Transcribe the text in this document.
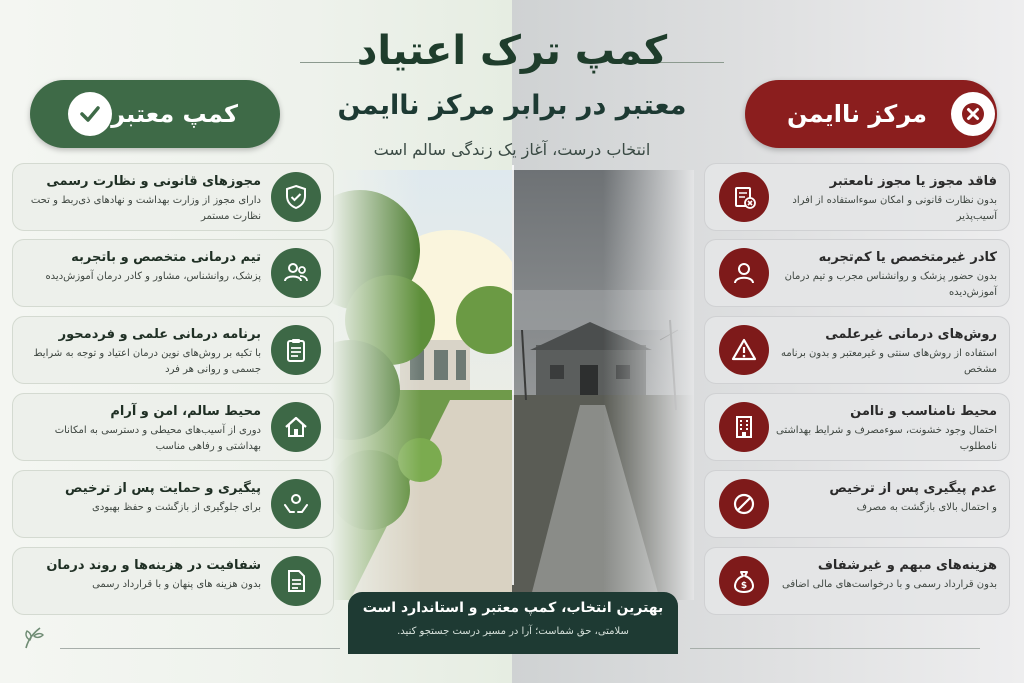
کمپ ترک اعتیاد
معتبر در برابر مرکز ناایمن
انتخاب درست، آغاز یک زندگی سالم است
کمپ معتبر	مرکز ناایمن
مجوزهای قانونی و نظارت رسمی
دارای مجوز از وزارت بهداشت و نهادهای ذی‌ربط و تحت نظارت مستمر
تیم درمانی متخصص و باتجربه
پزشک، روانشناس، مشاور و کادر درمان آموزش‌دیده
برنامه درمانی علمی و فردمحور
با تکیه بر روش‌های نوین درمان اعتیاد و توجه به شرایط جسمی و روانی هر فرد
محیط سالم، امن و آرام
دوری از آسیب‌های محیطی و دسترسی به امکانات بهداشتی و رفاهی مناسب
پیگیری و حمایت پس از ترخیص
برای جلوگیری از بازگشت و حفظ بهبودی
شفافیت در هزینه‌ها و روند درمان
بدون هزینه های پنهان و با قرارداد رسمی
فاقد مجوز یا مجوز نامعتبر
بدون نظارت قانونی و امکان سوءاستفاده از افراد آسیب‌پذیر
کادر غیرمتخصص یا کم‌تجربه
بدون حضور پزشک و روانشناس مجرب و تیم درمان آموزش‌دیده
روش‌های درمانی غیرعلمی
استفاده از روش‌های سنتی و غیرمعتبر و بدون برنامه مشخص
محیط نامناسب و ناامن
احتمال وجود خشونت، سوءمصرف و شرایط بهداشتی نامطلوب
عدم پیگیری پس از ترخیص
و احتمال بالای بازگشت به مصرف
$
هزینه‌های مبهم و غیرشفاف
بدون قرارداد رسمی و با درخواست‌های مالی اضافی
بهترین انتخاب، کمپ معتبر و استاندارد است
سلامتی، حق شماست؛ آرا در مسیر درست جستجو کنید.
